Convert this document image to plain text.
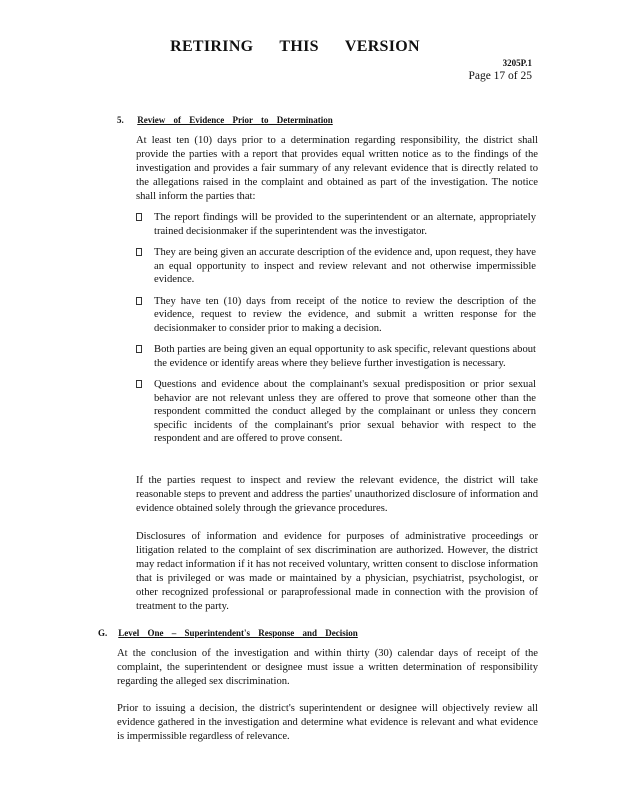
RETIRING THIS VERSION
3205P.1
Page 17 of 25
5. Review of Evidence Prior to Determination

At least ten (10) days prior to a determination regarding responsibility, the district shall provide the parties with a report that provides equal written notice as to the findings of the investigation and provides a fair summary of any relevant evidence that is directly related to the allegations raised in the complaint and obtained as part of the investigation. The notice shall inform the parties that:

The report findings will be provided to the superintendent or an alternate, appropriately trained decisionmaker if the superintendent was the investigator.
They are being given an accurate description of the evidence and, upon request, they have an equal opportunity to inspect and review relevant and not otherwise impermissible evidence.
They have ten (10) days from receipt of the notice to review the description of the evidence, request to review the evidence, and submit a written response for the decisionmaker to consider prior to making a decision.
Both parties are being given an equal opportunity to ask specific, relevant questions about the evidence or identify areas where they believe further investigation is necessary.
Questions and evidence about the complainant's sexual predisposition or prior sexual behavior are not relevant unless they are offered to prove that someone other than the respondent committed the conduct alleged by the complainant or unless they concern specific incidents of the complainant's prior sexual behavior with respect to the respondent and are offered to prove consent.

If the parties request to inspect and review the relevant evidence, the district will take reasonable steps to prevent and address the parties' unauthorized disclosure of information and evidence obtained solely through the grievance procedures.

Disclosures of information and evidence for purposes of administrative proceedings or litigation related to the complaint of sex discrimination are authorized. However, the district may redact information if it has not received voluntary, written consent to disclose information that is privileged or was made or maintained by a physician, psychiatrist, psychologist, or other recognized professional or paraprofessional made in connection with the provision of treatment to the party.

G. Level One – Superintendent's Response and Decision

At the conclusion of the investigation and within thirty (30) calendar days of receipt of the complaint, the superintendent or designee must issue a written determination of responsibility regarding the alleged sex discrimination.

Prior to issuing a decision, the district's superintendent or designee will objectively review all evidence gathered in the investigation and determine what evidence is relevant and what evidence is impermissible regardless of relevance.
